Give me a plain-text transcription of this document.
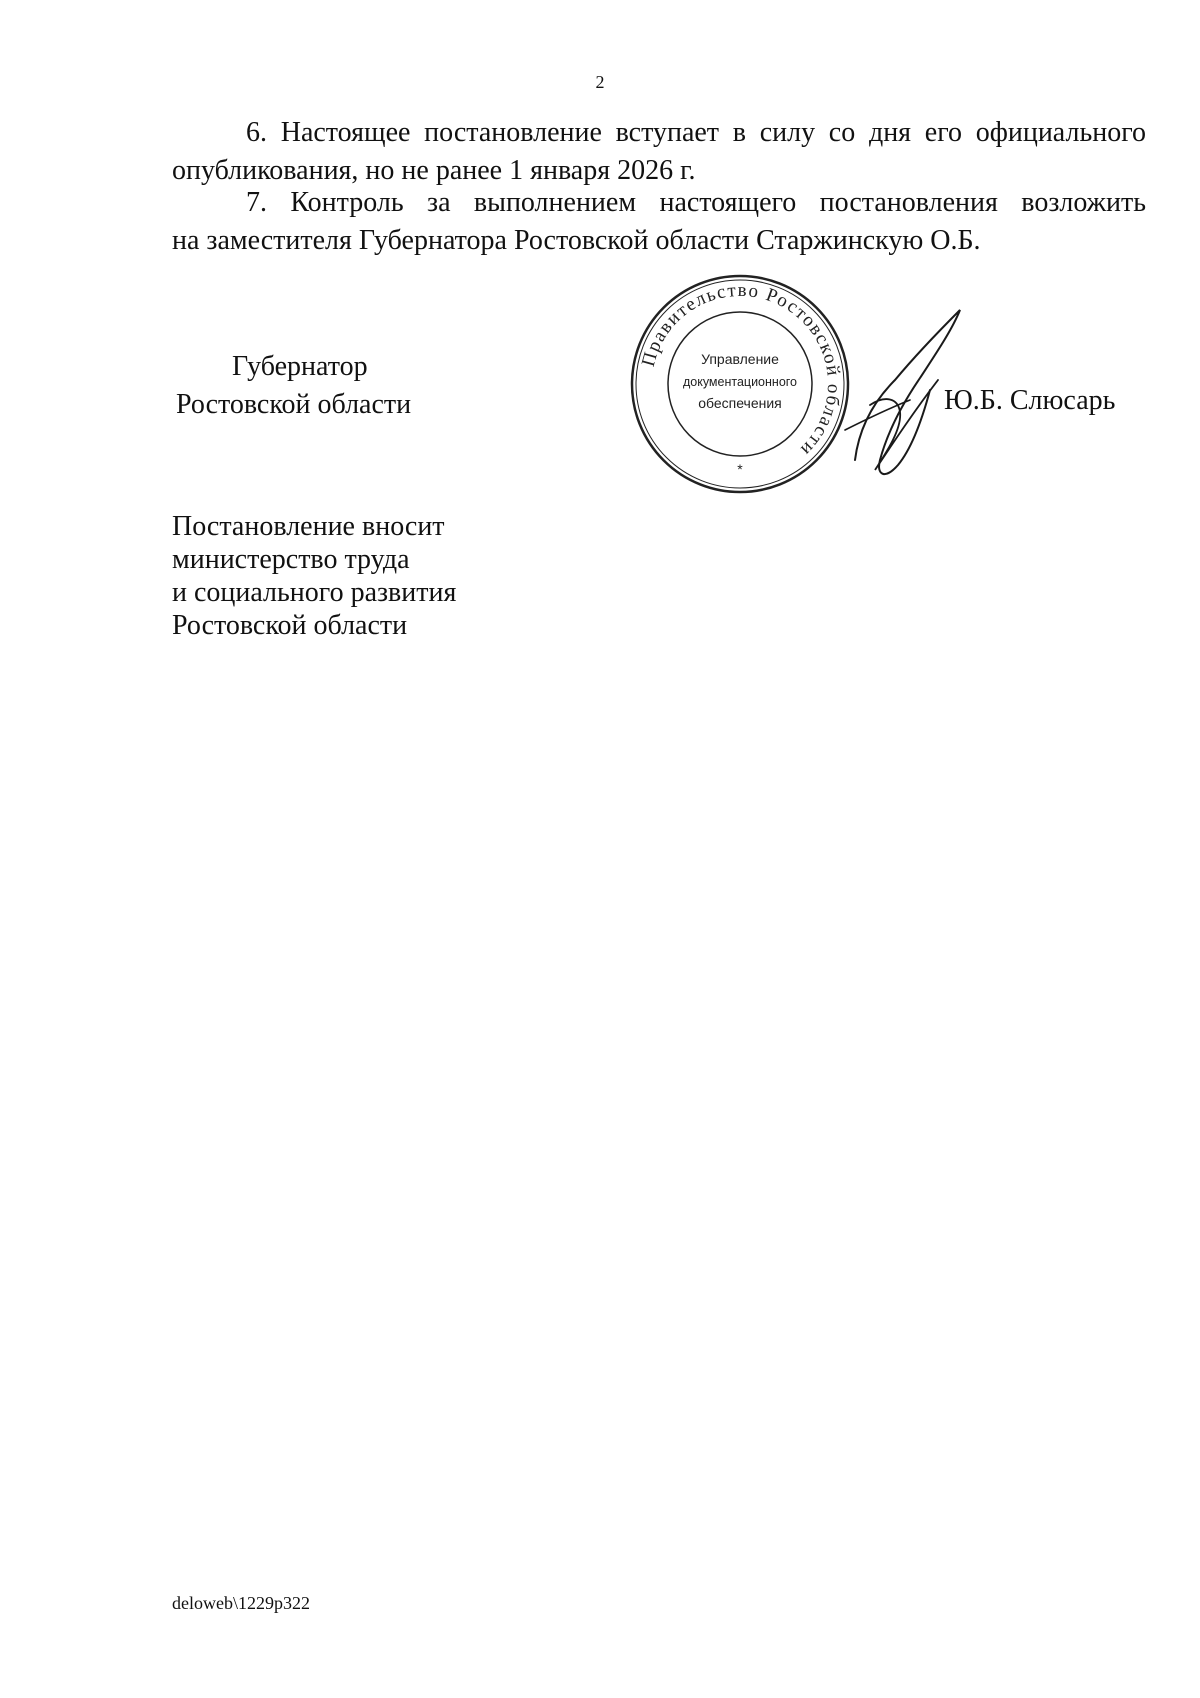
2
6. Настоящее постановление вступает в силу со дня его официального
опубликования, но не ранее 1 января 2026 г.
7. Контроль за выполнением настоящего постановления возложить
на заместителя Губернатора Ростовской области Старжинскую О.Б.
Губернатор
Ростовской области
Правительство Ростовской области
Управление
документационного
обеспечения
*
Ю.Б. Слюсарь
Постановление вносит
министерство труда
и социального развития
Ростовской области
deloweb\1229p322
